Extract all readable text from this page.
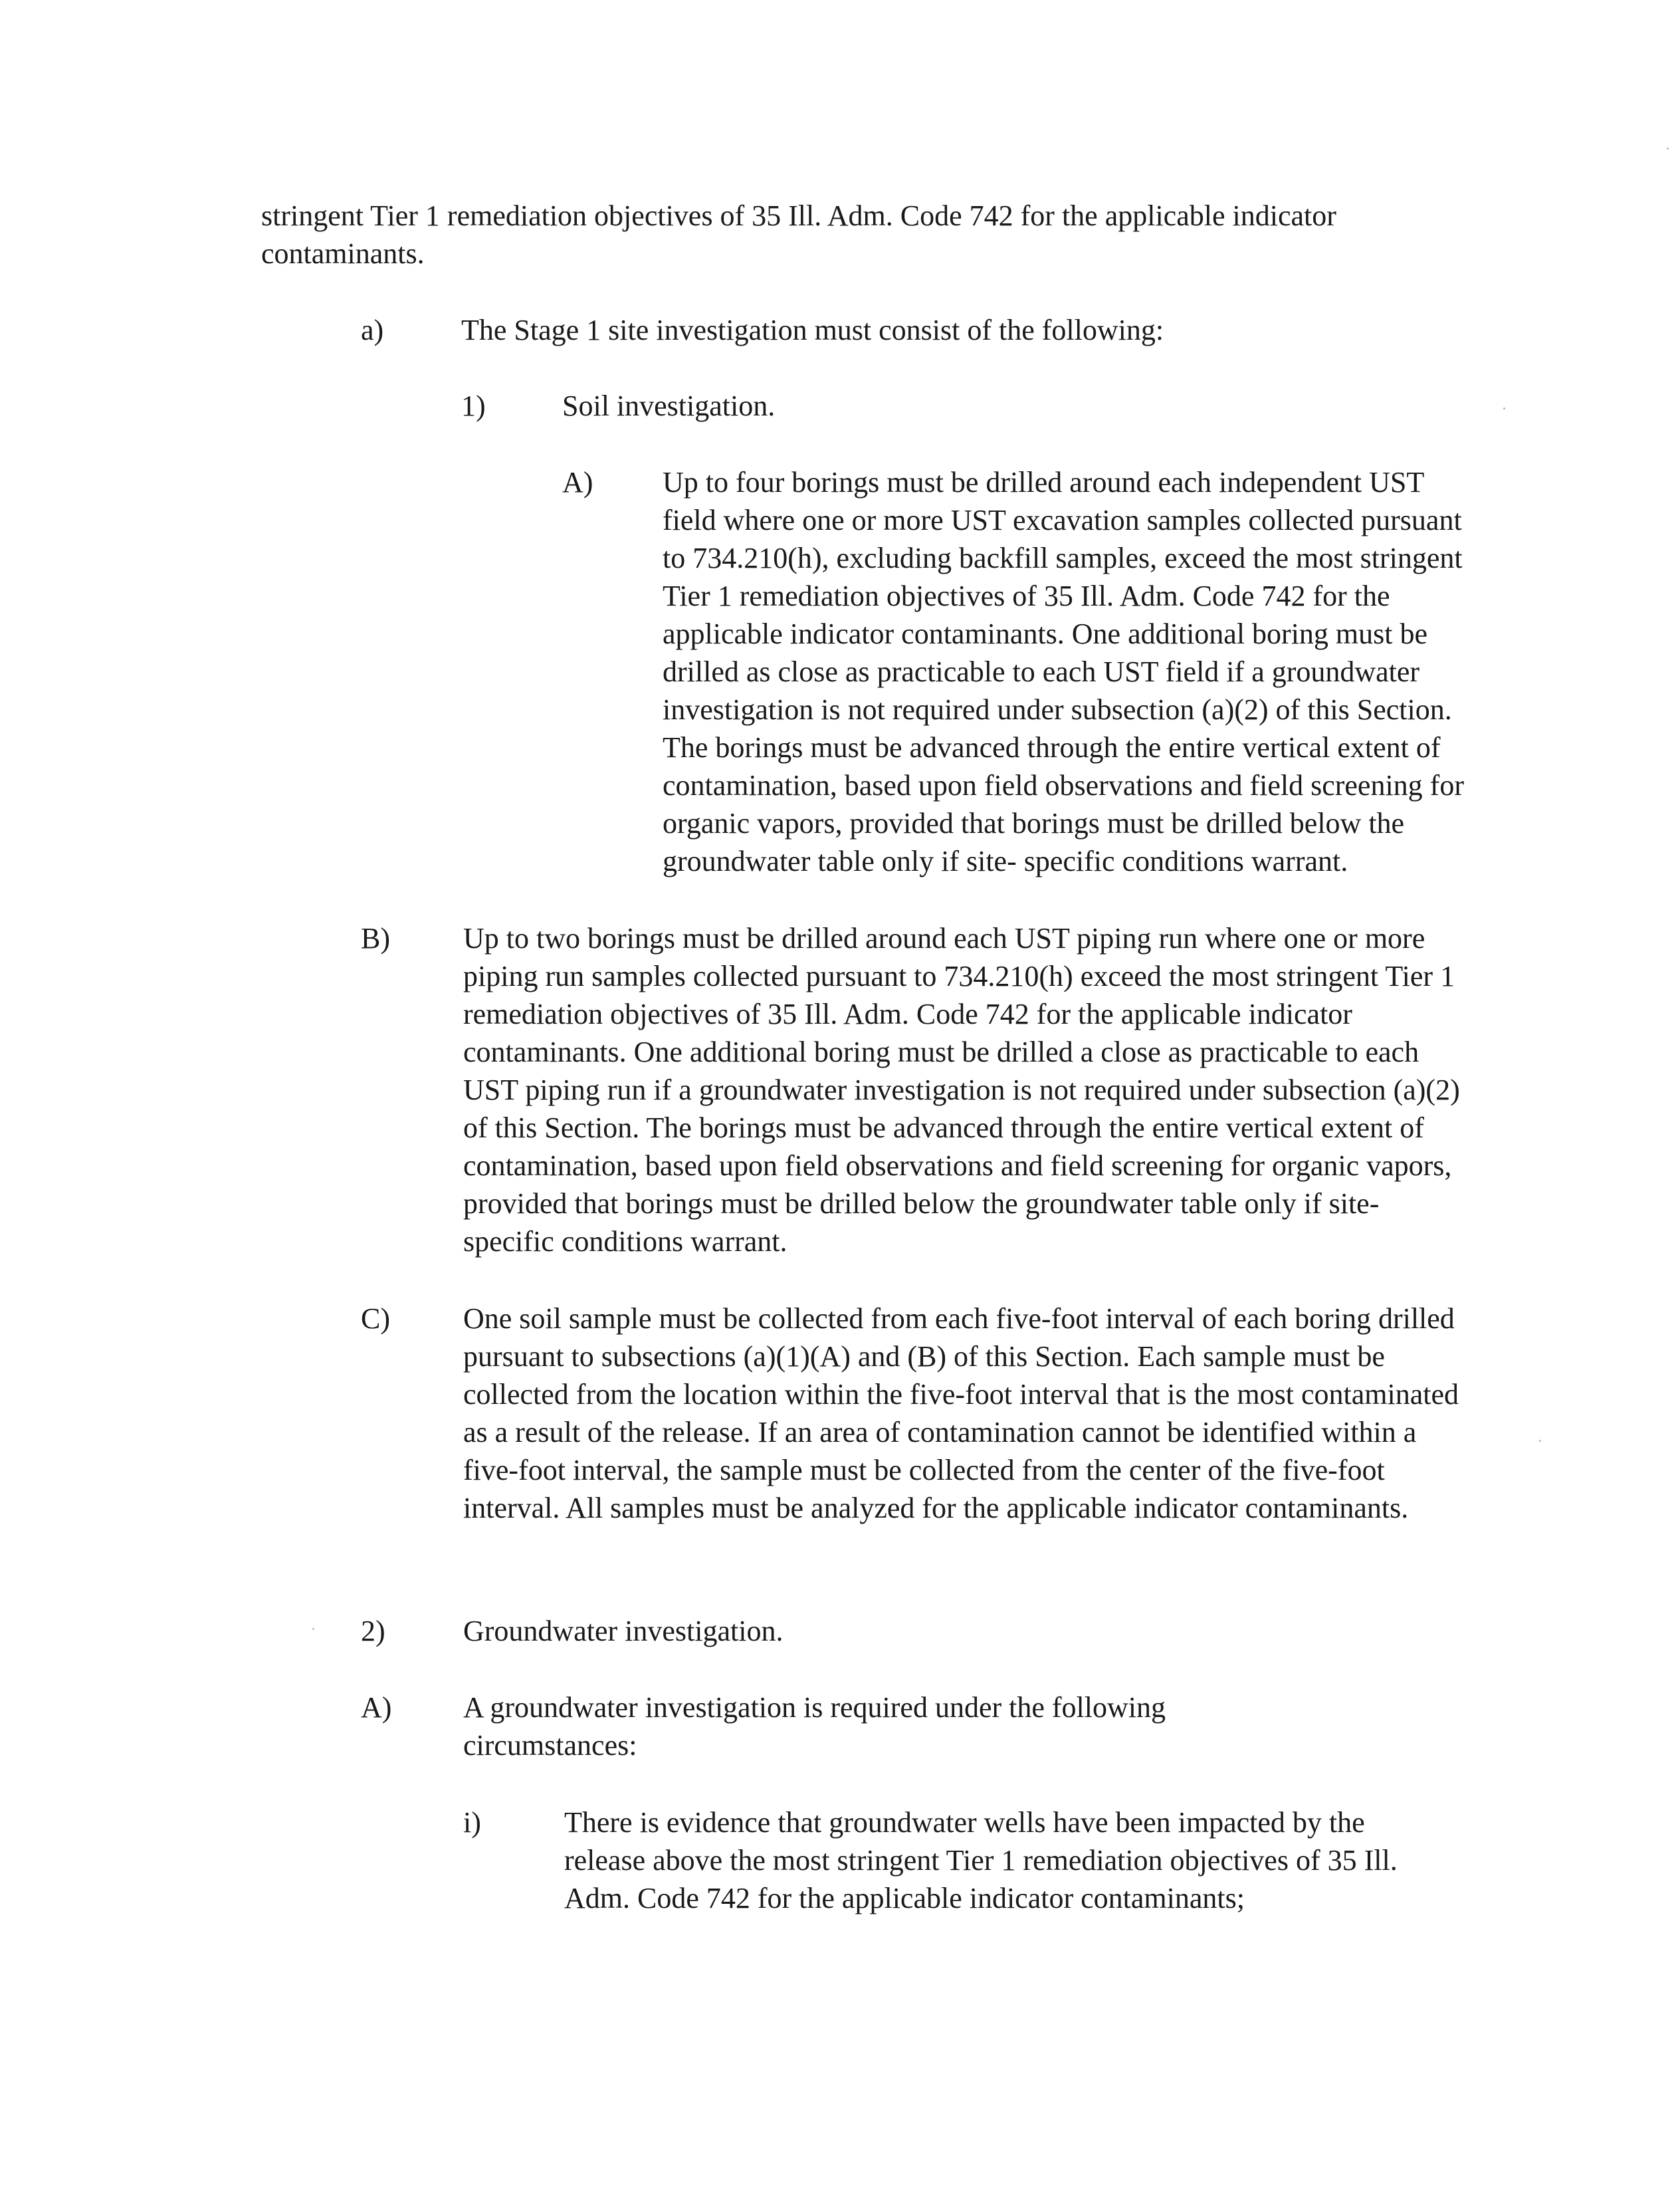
stringent Tier 1 remediation objectives of 35 Ill. Adm. Code 742 for the applicable indicator contaminants.

a)	The Stage 1 site investigation must consist of the following:

1)	Soil investigation.

A) Up to four borings must be drilled around each independent UST field where one or more UST excavation samples collected pursuant to 734.210(h), excluding backfill samples, exceed the most stringent Tier 1 remediation objectives of 35 Ill. Adm. Code 742 for the applicable indicator contaminants. One additional boring must be drilled as close as practicable to each UST field if a groundwater investigation is not required under subsection (a)(2) of this Section. The borings must be advanced through the entire vertical extent of contamination, based upon field observations and field screening for organic vapors, provided that borings must be drilled below the groundwater table only if site- specific conditions warrant.

B)	Up to two borings must be drilled around each UST piping run where one or more piping run samples collected pursuant to 734.210(h) exceed the most stringent Tier 1 remediation objectives of 35 Ill. Adm. Code 742 for the applicable indicator contaminants. One additional boring must be drilled a close as practicable to each UST piping run if a groundwater investigation is not required under subsection (a)(2) of this Section. The borings must be advanced through the entire vertical extent of contamination, based upon field observations and field screening for organic vapors, provided that borings must be drilled below the groundwater table only if site-specific conditions warrant.

C)	One soil sample must be collected from each five-foot interval of each boring drilled pursuant to subsections (a)(1)(A) and (B) of this Section. Each sample must be collected from the location within the five-foot interval that is the most contaminated as a result of the release. If an area of contamination cannot be identified within a five-foot interval, the sample must be collected from the center of the five-foot interval. All samples must be analyzed for the applicable indicator contaminants.

2)	Groundwater investigation.

A) A groundwater investigation is required under the following circumstances:

i)	There is evidence that groundwater wells have been impacted by the release above the most stringent Tier 1 remediation objectives of 35 Ill. Adm. Code 742 for the applicable indicator contaminants;
